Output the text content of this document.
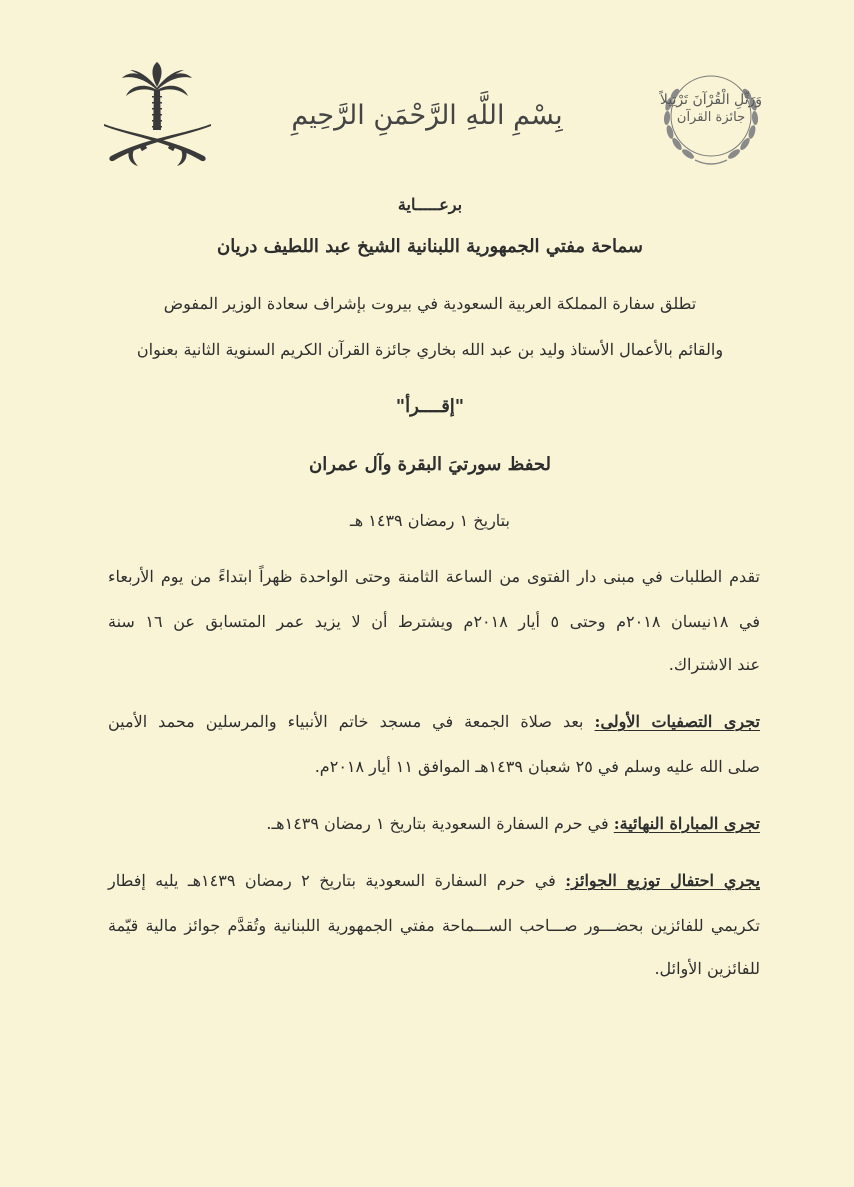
بِسْمِ اللَّهِ الرَّحْمَنِ الرَّحِيمِ	وَرَتِّلِ الْقُرْآنَ تَرْتِيلاً
جائزة القرآن
برعـــــاية
سماحة مفتي الجمهورية اللبنانية الشيخ عبد اللطيف دريان
تطلق سفارة المملكة العربية السعودية في بيروت بإشراف سعادة الوزير المفوض
والقائم بالأعمال الأستاذ وليد بن عبد الله بخاري جائزة القرآن الكريم السنوية الثانية بعنوان
"إقــــرأ"
لحفظ سورتيَ البقرة وآل عمران
بتاريخ ١ رمضان ١٤٣٩ هـ
تقدم الطلبات في مبنى دار الفتوى من الساعة الثامنة وحتى الواحدة ظهراً ابتداءً من يوم الأربعاء
في ١٨نيسان ٢٠١٨م وحتى ٥ أيار ٢٠١٨م ويشترط أن لا يزيد عمر المتسابق عن ١٦ سنة
عند الاشتراك.
تجرى التصفيات الأولى: بعد صلاة الجمعة في مسجد خاتم الأنبياء والمرسلين محمد الأمين
صلى الله عليه وسلم في ٢٥ شعبان ١٤٣٩هـ الموافق ١١ أيار ٢٠١٨م.
تجرى المباراة النهائية: في حرم السفارة السعودية بتاريخ ١ رمضان ١٤٣٩هـ.
يجري احتفال توزيع الجوائز: في حرم السفارة السعودية بتاريخ ٢ رمضان ١٤٣٩هـ يليه إفطار
تكريمي للفائزين بحضـــور صـــاحب الســـماحة مفتي الجمهورية اللبنانية وتُقدَّم جوائز مالية قيّمة
للفائزين الأوائل.
